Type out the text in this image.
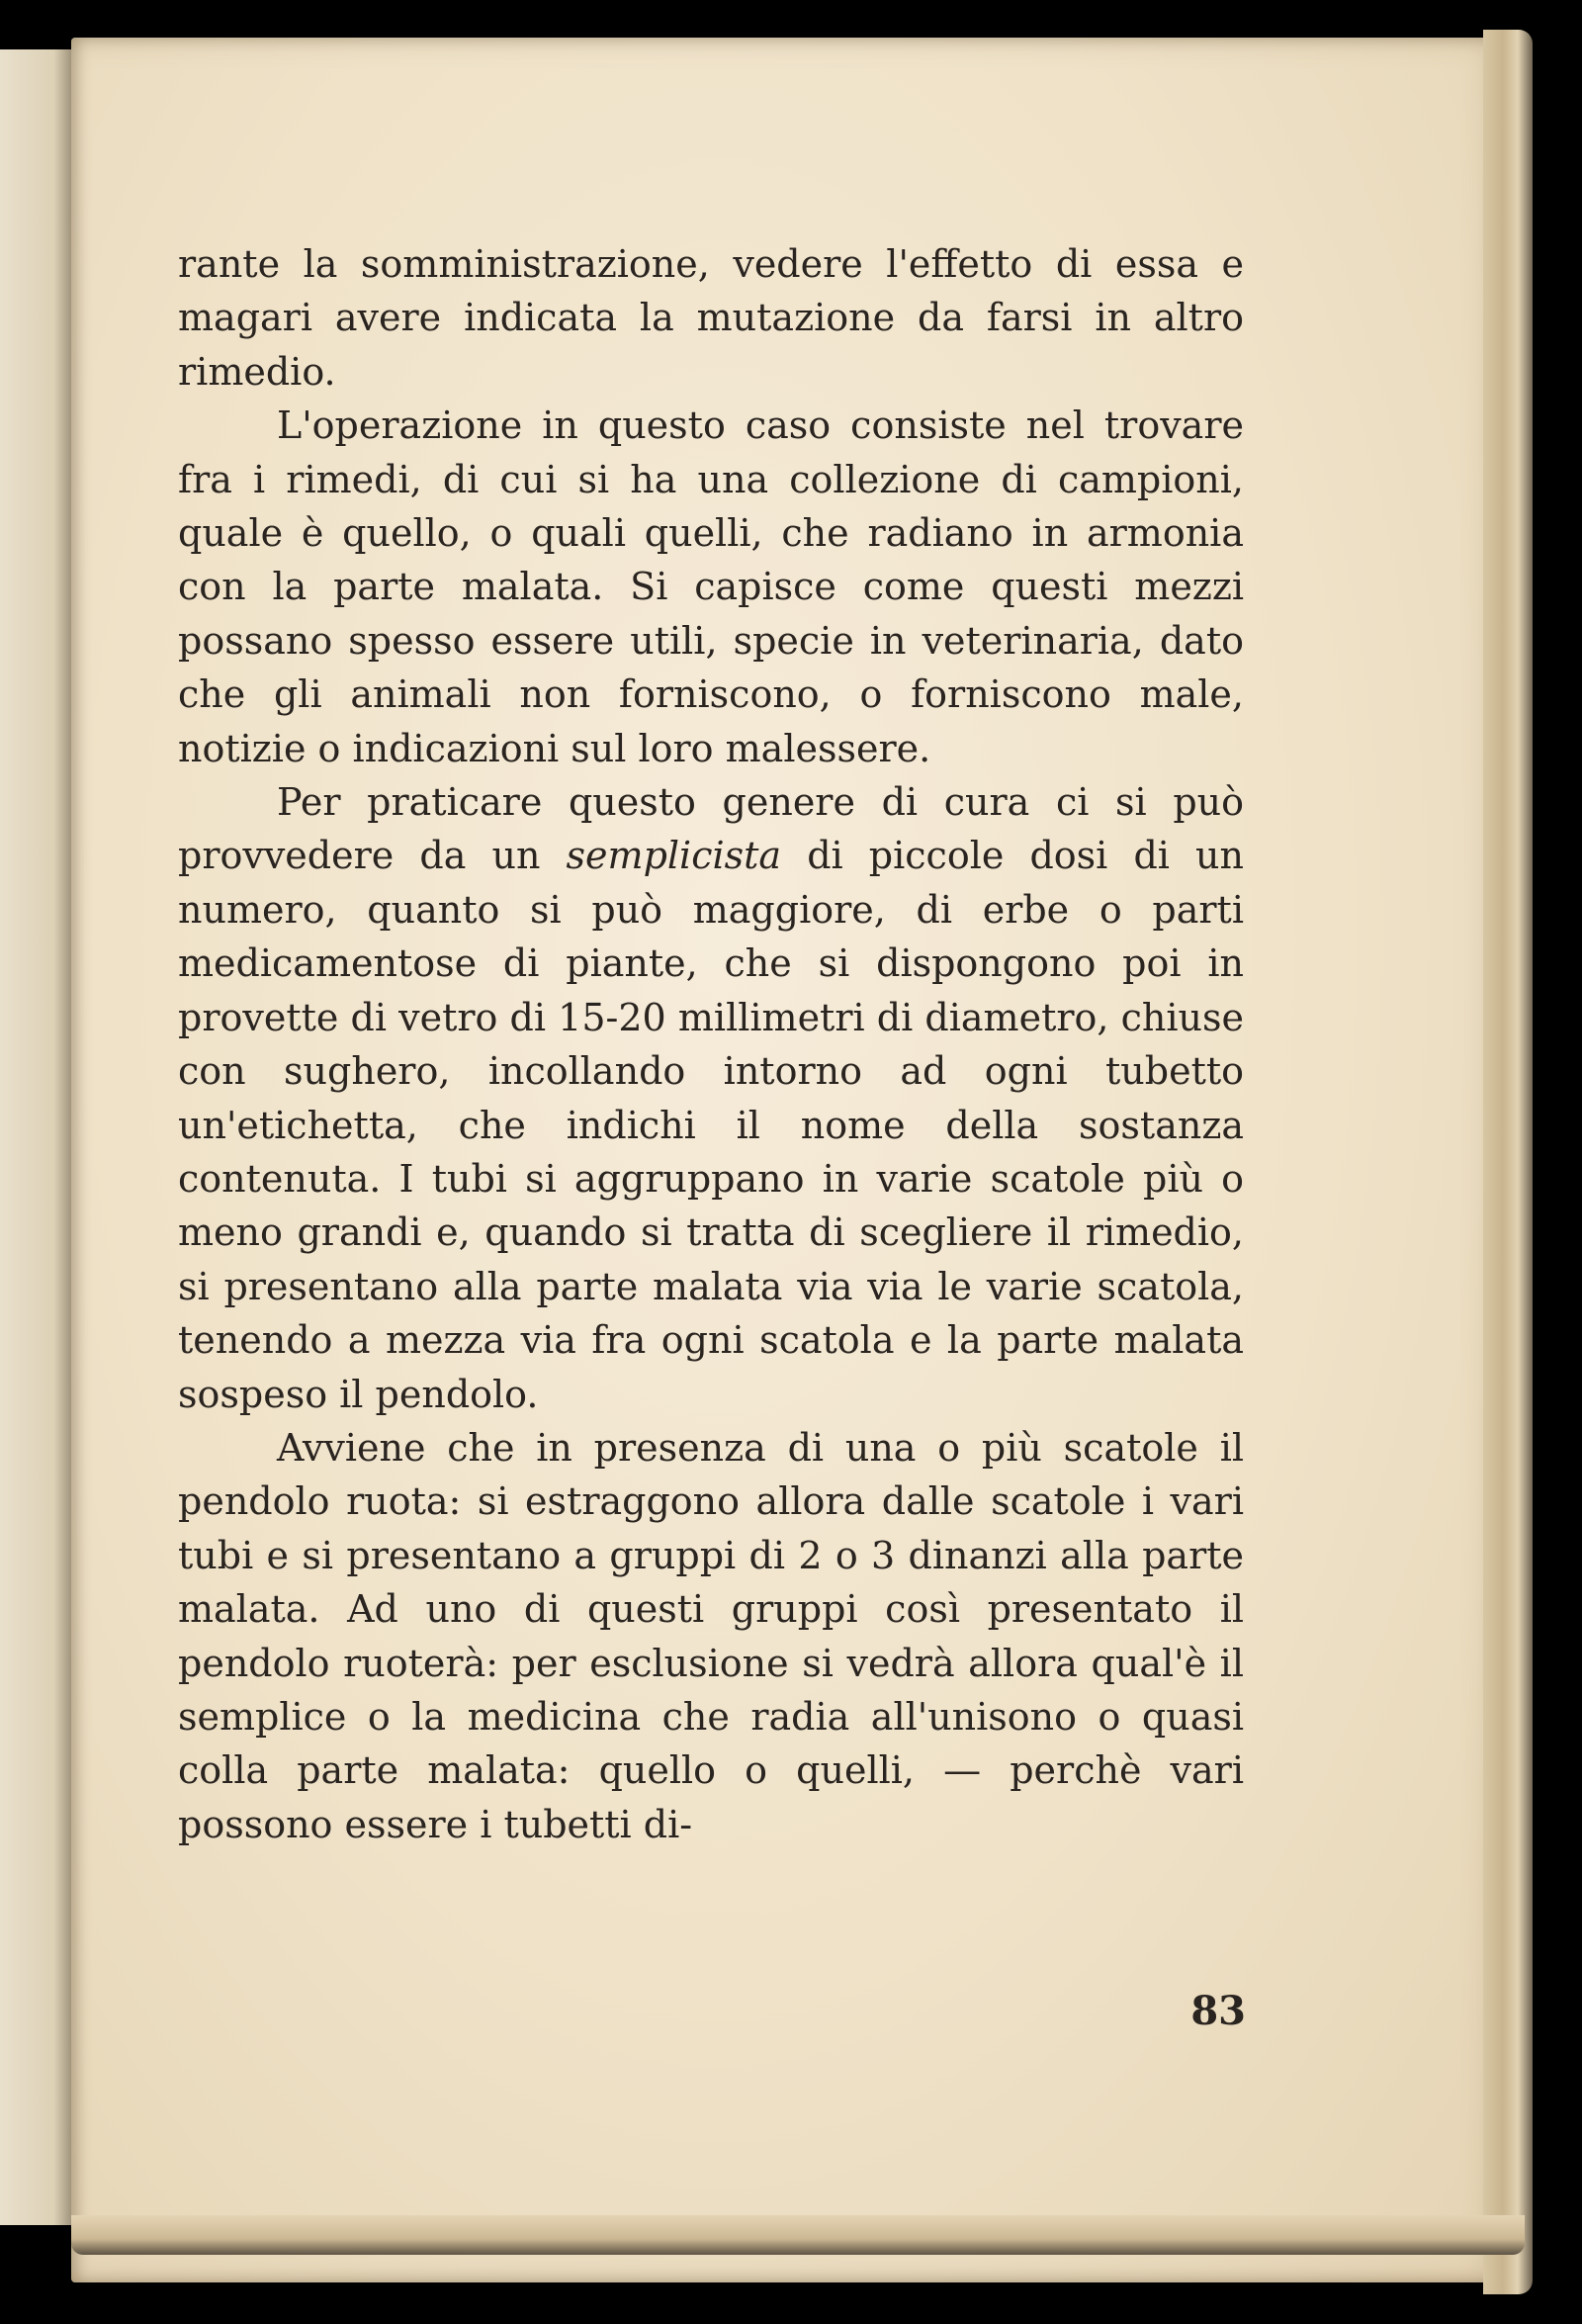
rante la somministrazione, vedere l'effetto di essa e magari avere indicata la mutazione da farsi in altro rimedio.

L'operazione in questo caso consiste nel trovare fra i rimedi, di cui si ha una collezione di campioni, quale è quello, o quali quelli, che radiano in armonia con la parte malata. Si capisce come questi mezzi possano spesso essere utili, specie in veterinaria, dato che gli animali non forniscono, o forniscono male, notizie o indicazioni sul loro malessere.

Per praticare questo genere di cura ci si può provvedere da un semplicista di piccole dosi di un numero, quanto si può maggiore, di erbe o parti medicamentose di piante, che si dispongono poi in provette di vetro di 15-20 millimetri di diametro, chiuse con sughero, incollando intorno ad ogni tubetto un'etichetta, che indichi il nome della sostanza contenuta. I tubi si aggruppano in varie scatole più o meno grandi e, quando si tratta di scegliere il rimedio, si presentano alla parte malata via via le varie scatola, tenendo a mezza via fra ogni scatola e la parte malata sospeso il pendolo.

Avviene che in presenza di una o più scatole il pendolo ruota: si estraggono allora dalle scatole i vari tubi e si presentano a gruppi di 2 o 3 dinanzi alla parte malata. Ad uno di questi gruppi così presentato il pendolo ruoterà: per esclusione si vedrà allora qual'è il semplice o la medicina che radia all'unisono o quasi colla parte malata: quello o quelli, — perchè vari possono essere i tubetti di-

83
